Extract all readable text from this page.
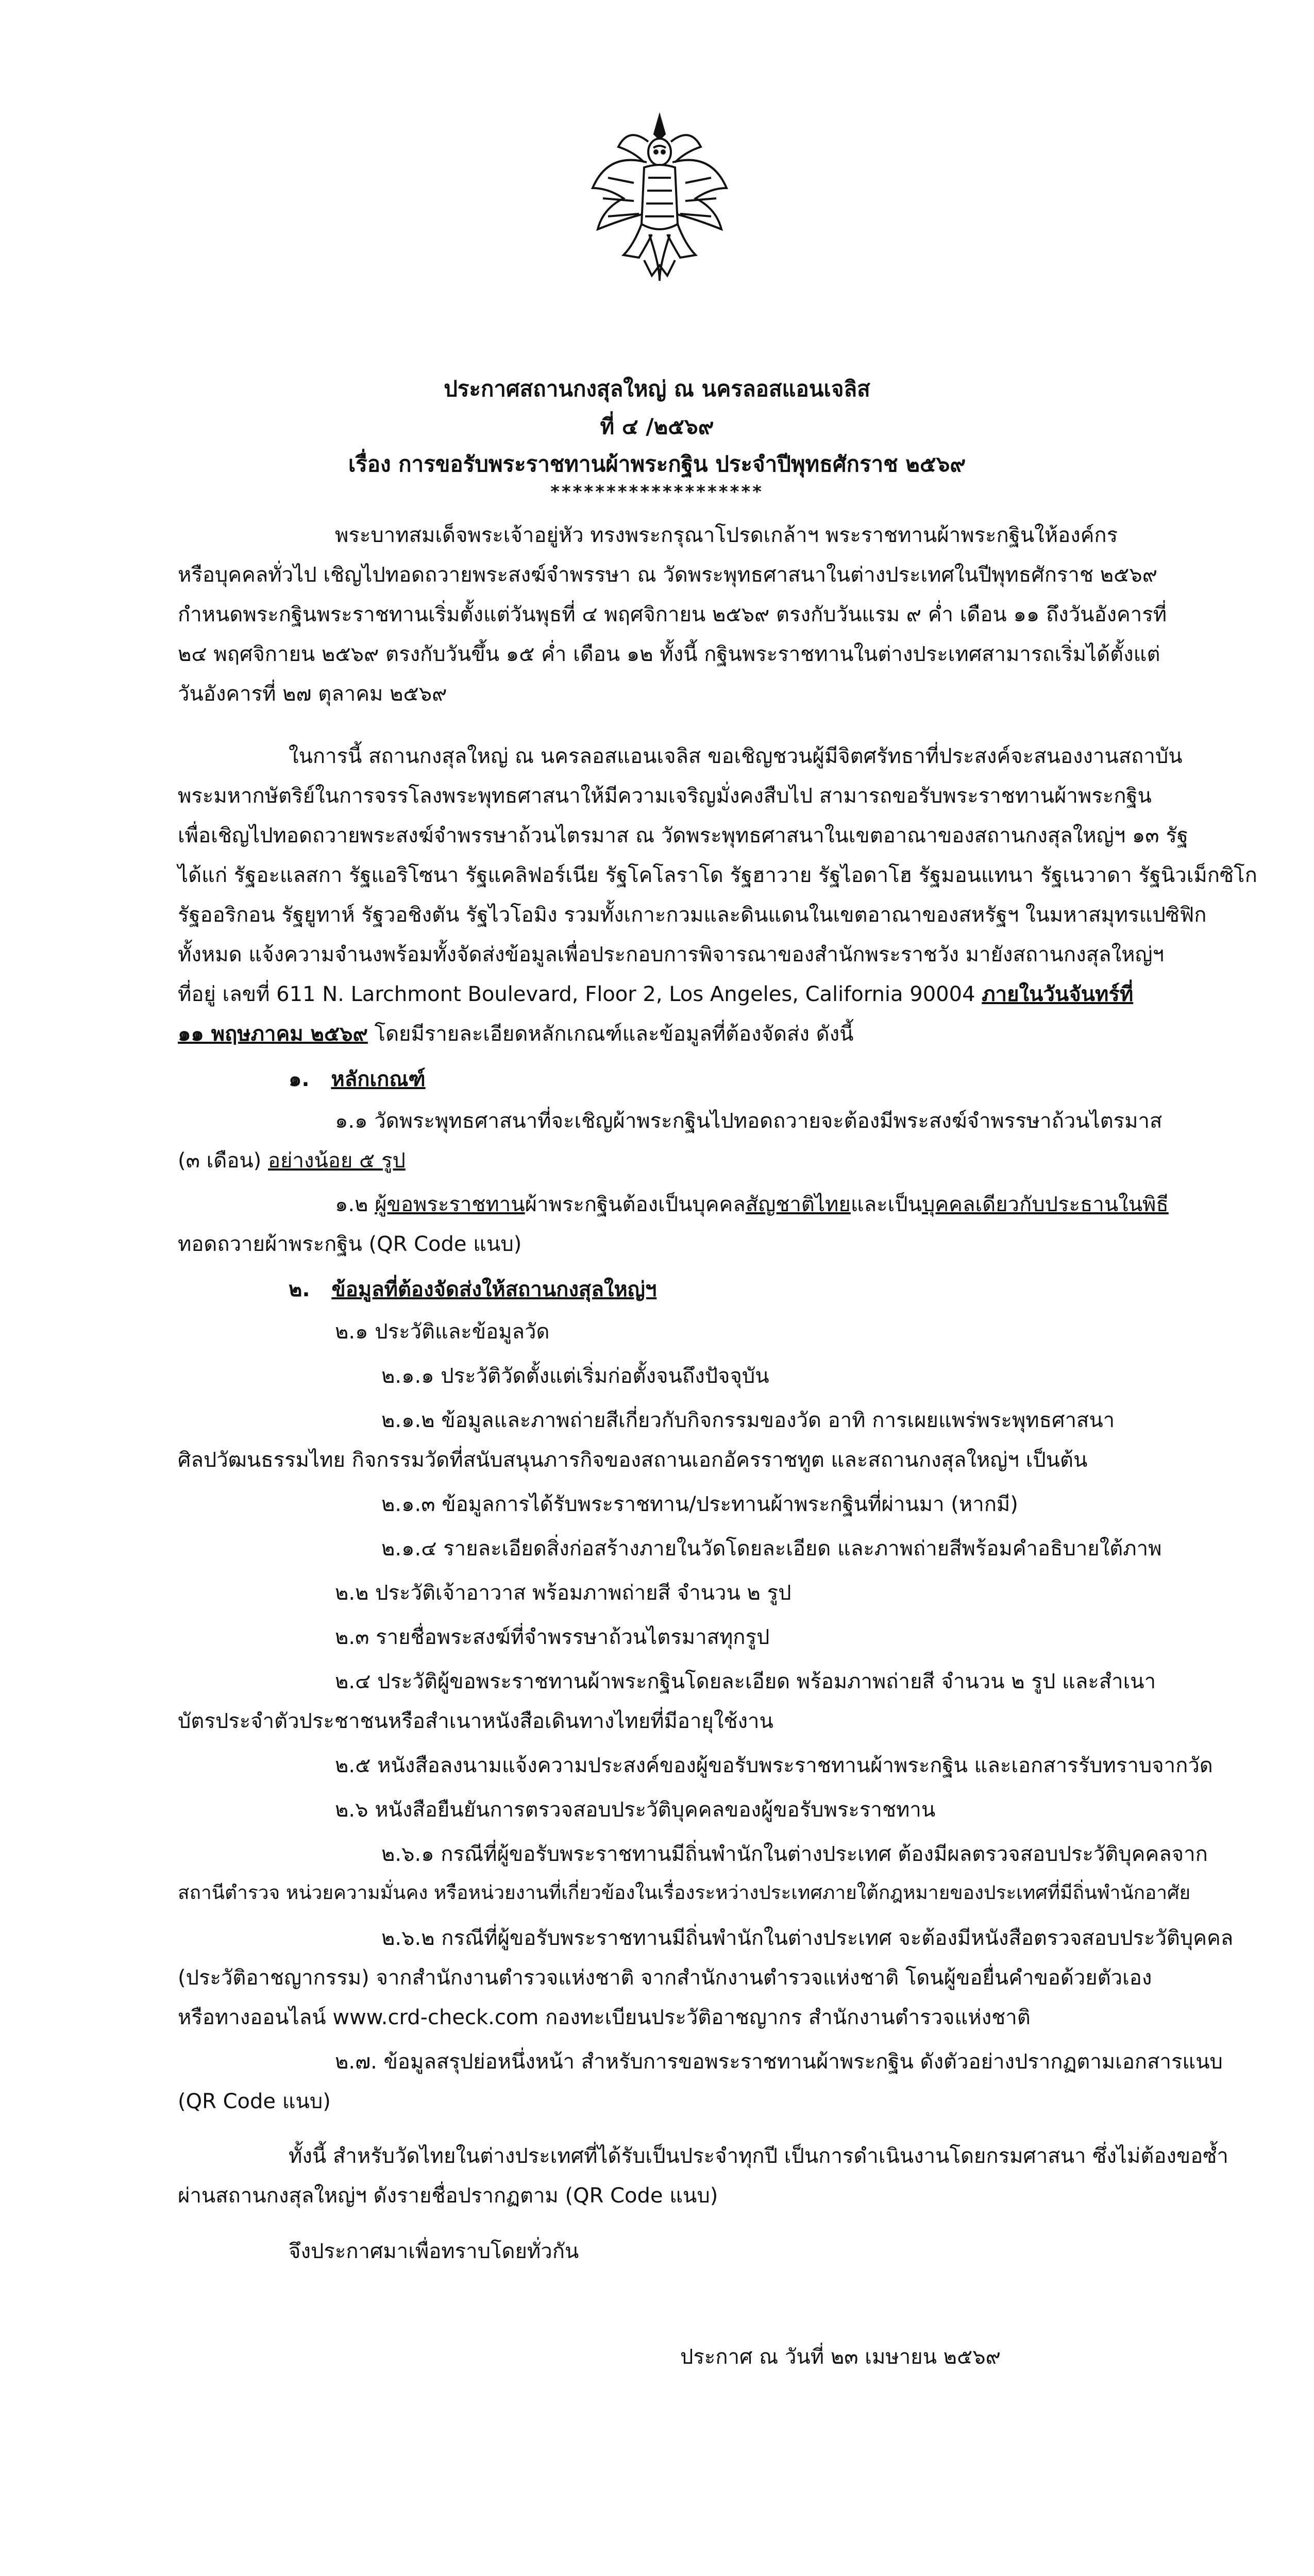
ประกาศสถานกงสุลใหญ่ ณ นครลอสแอนเจลิส
ที่ ๔ /๒๕๖๙
เรื่อง การขอรับพระราชทานผ้าพระกฐิน ประจำปีพุทธศักราช ๒๕๖๙
*******************
พระบาทสมเด็จพระเจ้าอยู่หัว ทรงพระกรุณาโปรดเกล้าฯ พระราชทานผ้าพระกฐินให้องค์กร
หรือบุคคลทั่วไป เชิญไปทอดถวายพระสงฆ์จำพรรษา ณ วัดพระพุทธศาสนาในต่างประเทศในปีพุทธศักราช ๒๕๖๙
กำหนดพระกฐินพระราชทานเริ่มตั้งแต่วันพุธที่ ๔ พฤศจิกายน ๒๕๖๙ ตรงกับวันแรม ๙ ค่ำ เดือน ๑๑ ถึงวันอังคารที่
๒๔ พฤศจิกายน ๒๕๖๙ ตรงกับวันขึ้น ๑๕ ค่ำ เดือน ๑๒ ทั้งนี้ กฐินพระราชทานในต่างประเทศสามารถเริ่มได้ตั้งแต่
วันอังคารที่ ๒๗ ตุลาคม ๒๕๖๙
ในการนี้ สถานกงสุลใหญ่ ณ นครลอสแอนเจลิส ขอเชิญชวนผู้มีจิตศรัทธาที่ประสงค์จะสนองงานสถาบัน
พระมหากษัตริย์ในการจรรโลงพระพุทธศาสนาให้มีความเจริญมั่งคงสืบไป สามารถขอรับพระราชทานผ้าพระกฐิน
เพื่อเชิญไปทอดถวายพระสงฆ์จำพรรษาถ้วนไตรมาส ณ วัดพระพุทธศาสนาในเขตอาณาของสถานกงสุลใหญ่ฯ ๑๓ รัฐ
ได้แก่ รัฐอะแลสกา รัฐแอริโซนา รัฐแคลิฟอร์เนีย รัฐโคโลราโด รัฐฮาวาย รัฐไอดาโฮ รัฐมอนแทนา รัฐเนวาดา รัฐนิวเม็กซิโก
รัฐออริกอน รัฐยูทาห์ รัฐวอชิงตัน รัฐไวโอมิง รวมทั้งเกาะกวมและดินแดนในเขตอาณาของสหรัฐฯ ในมหาสมุทรแปซิฟิก
ทั้งหมด แจ้งความจำนงพร้อมทั้งจัดส่งข้อมูลเพื่อประกอบการพิจารณาของสำนักพระราชวัง มายังสถานกงสุลใหญ่ฯ
ที่อยู่ เลขที่ 611 N. Larchmont Boulevard, Floor 2, Los Angeles, California 90004 ภายในวันจันทร์ที่
๑๑ พฤษภาคม ๒๕๖๙ โดยมีรายละเอียดหลักเกณฑ์และข้อมูลที่ต้องจัดส่ง ดังนี้
๑. หลักเกณฑ์
๑.๑ วัดพระพุทธศาสนาที่จะเชิญผ้าพระกฐินไปทอดถวายจะต้องมีพระสงฆ์จำพรรษาถ้วนไตรมาส
(๓ เดือน) อย่างน้อย ๕ รูป
๑.๒ ผู้ขอพระราชทานผ้าพระกฐินต้องเป็นบุคคลสัญชาติไทยและเป็นบุคคลเดียวกับประธานในพิธี
ทอดถวายผ้าพระกฐิน (QR Code แนบ)
๒. ข้อมูลที่ต้องจัดส่งให้สถานกงสุลใหญ่ฯ
๒.๑ ประวัติและข้อมูลวัด
๒.๑.๑ ประวัติวัดตั้งแต่เริ่มก่อตั้งจนถึงปัจจุบัน
๒.๑.๒ ข้อมูลและภาพถ่ายสีเกี่ยวกับกิจกรรมของวัด อาทิ การเผยแพร่พระพุทธศาสนา
ศิลปวัฒนธรรมไทย กิจกรรมวัดที่สนับสนุนภารกิจของสถานเอกอัครราชทูต และสถานกงสุลใหญ่ฯ เป็นต้น
๒.๑.๓ ข้อมูลการได้รับพระราชทาน/ประทานผ้าพระกฐินที่ผ่านมา (หากมี)
๒.๑.๔ รายละเอียดสิ่งก่อสร้างภายในวัดโดยละเอียด และภาพถ่ายสีพร้อมคำอธิบายใต้ภาพ
๒.๒ ประวัติเจ้าอาวาส พร้อมภาพถ่ายสี จำนวน ๒ รูป
๒.๓ รายชื่อพระสงฆ์ที่จำพรรษาถ้วนไตรมาสทุกรูป
๒.๔ ประวัติผู้ขอพระราชทานผ้าพระกฐินโดยละเอียด พร้อมภาพถ่ายสี จำนวน ๒ รูป และสำเนา
บัตรประจำตัวประชาชนหรือสำเนาหนังสือเดินทางไทยที่มีอายุใช้งาน
๒.๕ หนังสือลงนามแจ้งความประสงค์ของผู้ขอรับพระราชทานผ้าพระกฐิน และเอกสารรับทราบจากวัด
๒.๖ หนังสือยืนยันการตรวจสอบประวัติบุคคลของผู้ขอรับพระราชทาน
๒.๖.๑ กรณีที่ผู้ขอรับพระราชทานมีถิ่นพำนักในต่างประเทศ ต้องมีผลตรวจสอบประวัติบุคคลจาก
สถานีตำรวจ หน่วยความมั่นคง หรือหน่วยงานที่เกี่ยวข้องในเรื่องระหว่างประเทศภายใต้กฎหมายของประเทศที่มีถิ่นพำนักอาศัย
๒.๖.๒ กรณีที่ผู้ขอรับพระราชทานมีถิ่นพำนักในต่างประเทศ จะต้องมีหนังสือตรวจสอบประวัติบุคคล
(ประวัติอาชญากรรม) จากสำนักงานตำรวจแห่งชาติ จากสำนักงานตำรวจแห่งชาติ โดนผู้ขอยื่นคำขอด้วยตัวเอง
หรือทางออนไลน์ www.crd-check.com กองทะเบียนประวัติอาชญากร สำนักงานตำรวจแห่งชาติ
๒.๗. ข้อมูลสรุปย่อหนึ่งหน้า สำหรับการขอพระราชทานผ้าพระกฐิน ดังตัวอย่างปรากฏตามเอกสารแนบ
(QR Code แนบ)
ทั้งนี้ สำหรับวัดไทยในต่างประเทศที่ได้รับเป็นประจำทุกปี เป็นการดำเนินงานโดยกรมศาสนา ซึ่งไม่ต้องขอซ้ำ
ผ่านสถานกงสุลใหญ่ฯ ดังรายชื่อปรากฏตาม (QR Code แนบ)
จึงประกาศมาเพื่อทราบโดยทั่วกัน
ประกาศ ณ วันที่ ๒๓ เมษายน ๒๕๖๙
